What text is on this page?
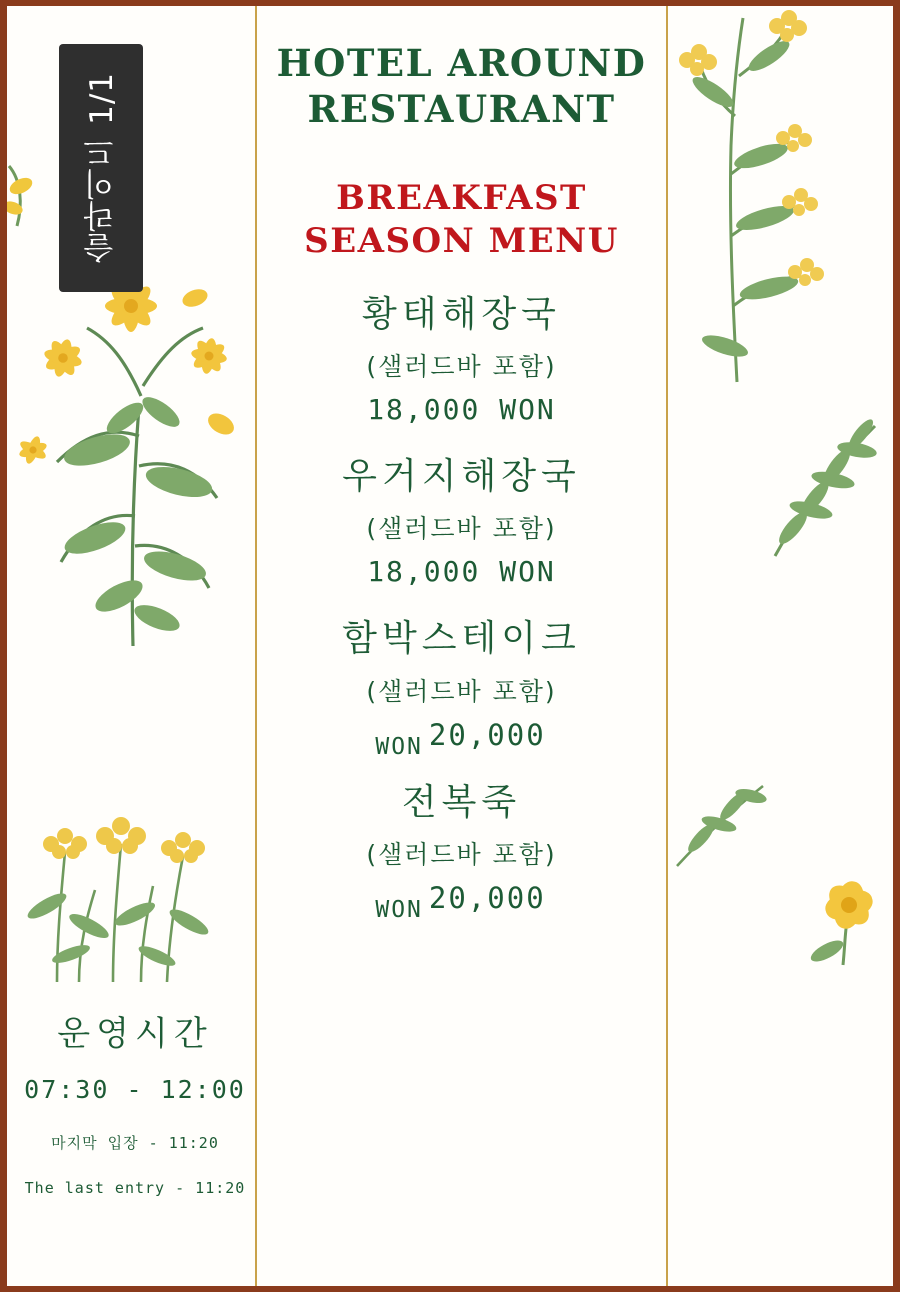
슬라이드 1/1
HOTEL AROUND
RESTAURANT
BREAKFAST
SEASON MENU
황태해장국
(샐러드바 포함)
18,000 WON
우거지해장국
(샐러드바 포함)
18,000 WON
함박스테이크
(샐러드바 포함)
WON 20,000
전복죽
(샐러드바 포함)
WON 20,000
운영시간
07:30 - 12:00
마지막 입장 - 11:20
The last entry - 11:20
